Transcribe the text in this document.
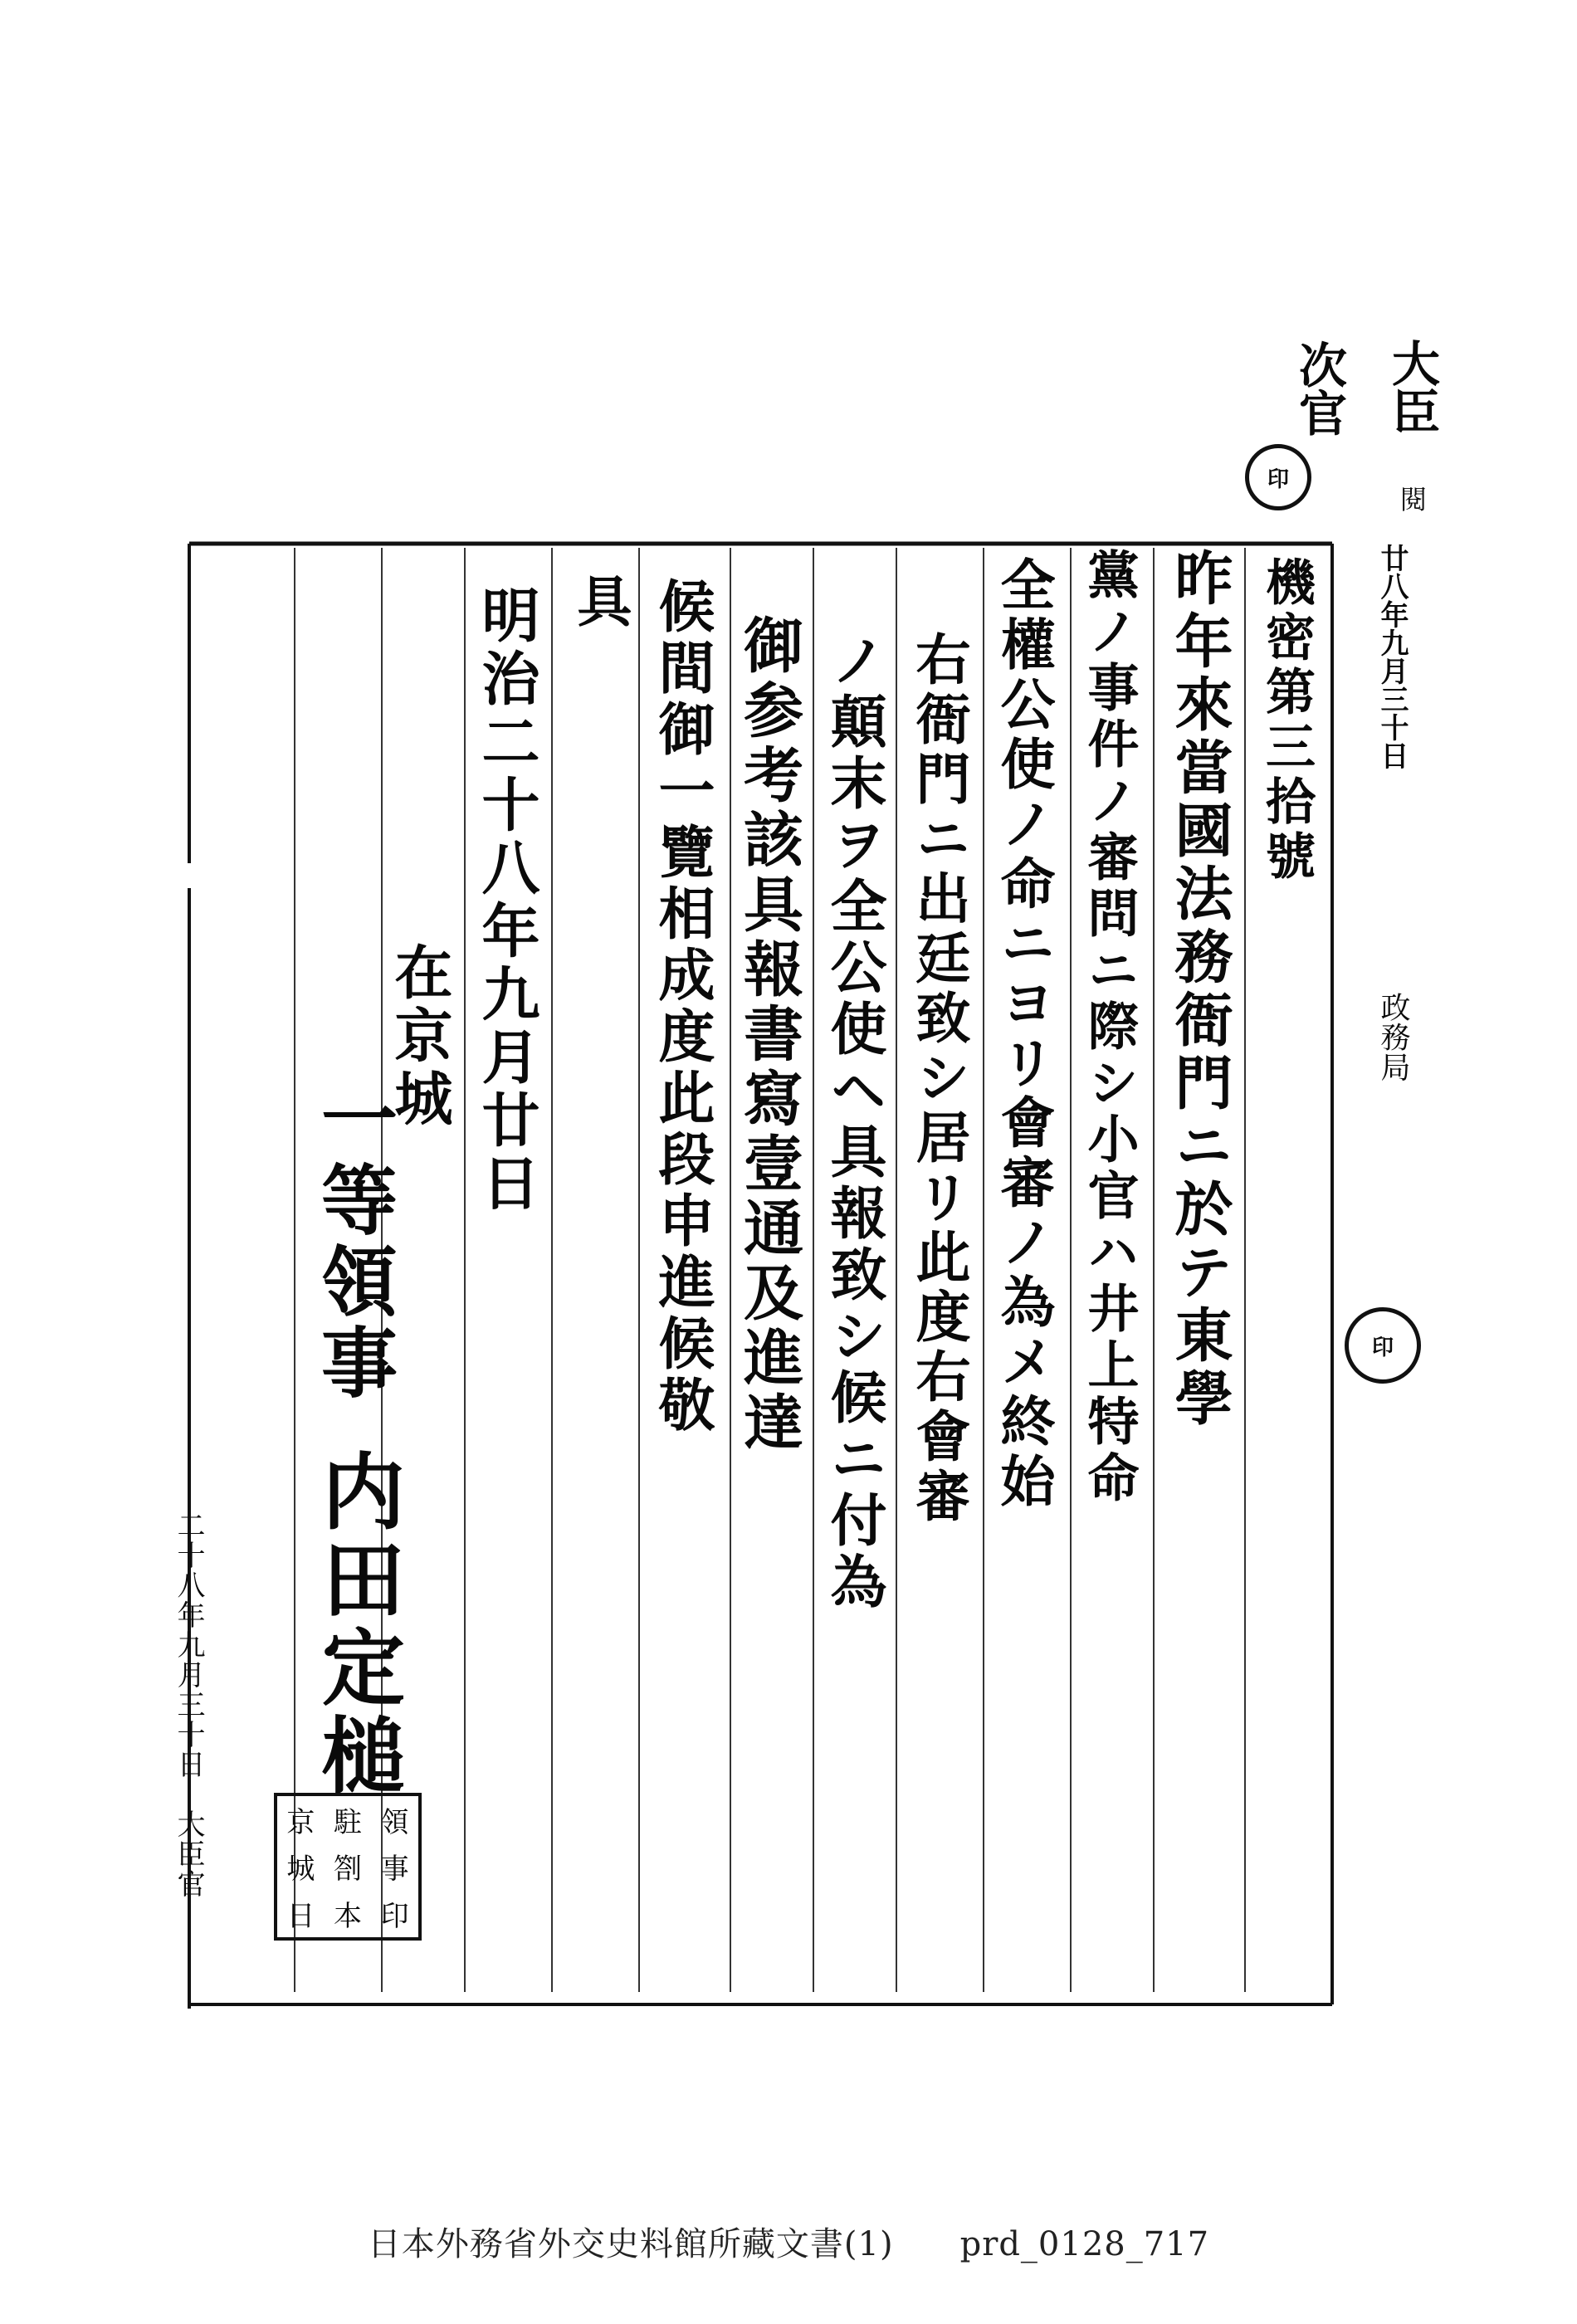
大臣
次官
閱
印
廿八年九月三十日
政務局
印
二十八年九月三十日　大臣官
機密第三拾號
昨年來當國法務衙門ニ於テ東學
黨ノ事件ノ審問ニ際シ小官ハ井上特命
全權公使ノ命ニヨリ會審ノ為メ終始
右衙門ニ出廷致シ居リ此度右會審
ノ顛末ヲ全公使ヘ具報致シ候ニ付為
御参考該具報書寫壹通及進達
候間御一覽相成度此段申進候敬
具
明治二十八年九月廿日
在京城
一等領事
内田定槌
京 駐 領
城 劄 事
日 本 印
日本外務省外交史料館所藏文書(1) prd_0128_717
